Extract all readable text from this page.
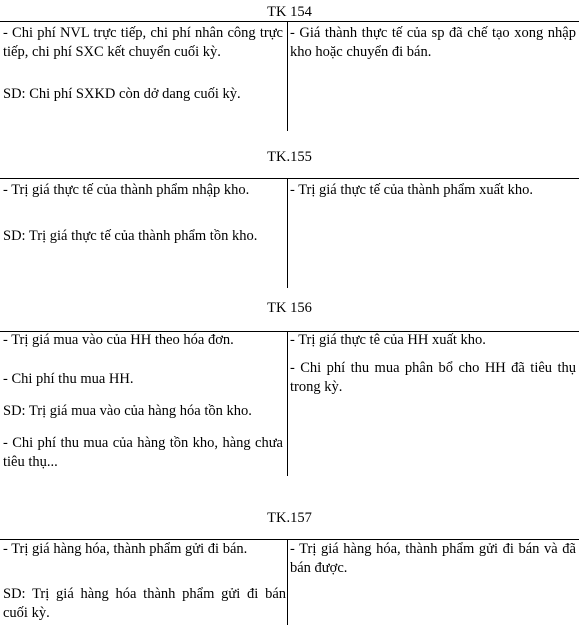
TK 154

- Chi phí NVL trực tiếp, chi phí nhân công trực tiếp, chi phí SXC kết chuyển cuối kỳ.

SD: Chi phí SXKD còn dở dang cuối kỳ.

- Giá thành thực tế của sp đã chế tạo xong nhập kho hoặc chuyển đi bán.

TK.155

- Trị giá thực tế của thành phẩm nhập kho.

SD: Trị giá thực tế của thành phẩm tồn kho.

- Trị giá thực tế của thành phẩm xuất kho.

TK 156

- Trị giá mua vào của HH theo hóa đơn.

- Chi phí thu mua HH.

SD: Trị giá mua vào của hàng hóa tồn kho.

- Chi phí thu mua của hàng tồn kho, hàng chưa tiêu thụ...

- Trị giá thực tê của HH xuất kho.

- Chi phí thu mua phân bổ cho HH đã tiêu thụ trong kỳ.

TK.157

- Trị giá hàng hóa, thành phẩm gửi đi bán.

SD: Trị giá hàng hóa thành phẩm gửi đi bán cuối kỳ.

- Trị giá hàng hóa, thành phẩm gửi đi bán và đã bán được.
